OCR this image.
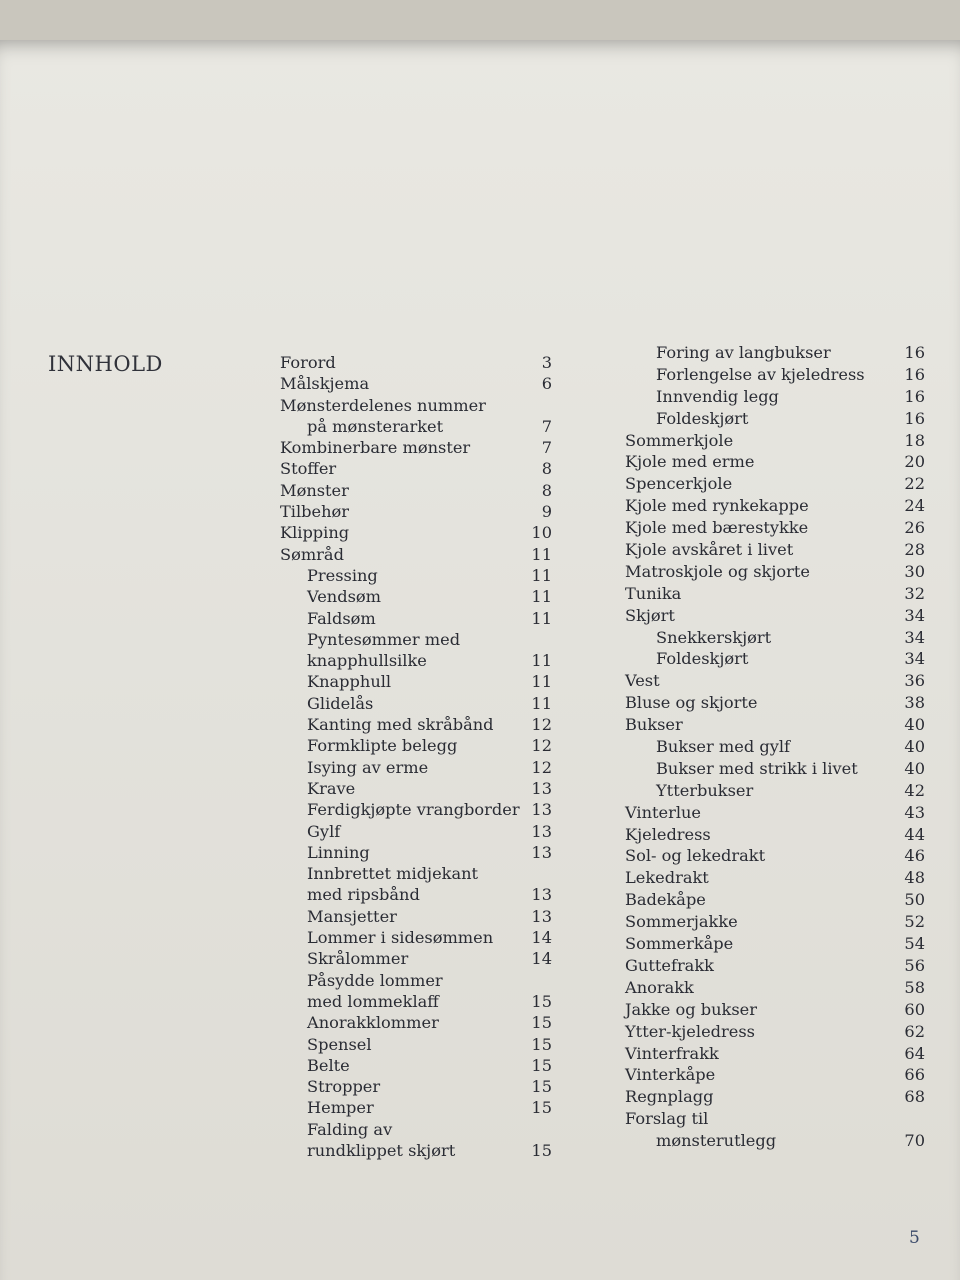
INNHOLD	Forord	3
Målskjema	6
Mønsterdelenes nummer
på mønsterarket	7
Kombinerbare mønster	7
Stoffer	8
Mønster	8
Tilbehør	9
Klipping	10
Sømråd	11
Pressing	11
Vendsøm	11
Faldsøm	11
Pyntesømmer med
knapphullsilke	11
Knapphull	11
Glidelås	11
Kanting med skråbånd 12
Formklipte belegg	12
Isying av erme	12
Krave	13
Ferdigkjøpte vrangborder 13
Gylf	13
Linning	13
Innbrettet midjekant
med ripsbånd	13
Mansjetter	13
Lommer i sidesømmen 14
Skrålommer	14
Påsydde lommer
med lommeklaff	15
Anorakklommer	15
Spensel	15
Belte	15
Stropper	15
Hemper	15
Falding av
rundklippet skjørt	15
Foring av langbukser	16
Forlengelse av kjeledress 16
Innvendig legg	16
Foldeskjørt	16
Sommerkjole	18
Kjole med erme	20
Spencerkjole	22
Kjole med rynkekappe	24
Kjole med bærestykke	26
Kjole avskåret i livet	28
Matroskjole og skjorte	30
Tunika	32
Skjørt	34
Snekkerskjørt	34
Foldeskjørt	34
Vest	36
Bluse og skjorte	38
Bukser	40
Bukser med gylf	40
Bukser med strikk i livet	40
Ytterbukser	42
Vinterlue	43
Kjeledress	44
Sol- og lekedrakt	46
Lekedrakt	48
Badekåpe	50
Sommerjakke	52
Sommerkåpe	54
Guttefrakk	56
Anorakk	58
Jakke og bukser	60
Ytter-kjeledress	62
Vinterfrakk	64
Vinterkåpe	66
Regnplagg	68
Forslag til
mønsterutlegg	70
5
